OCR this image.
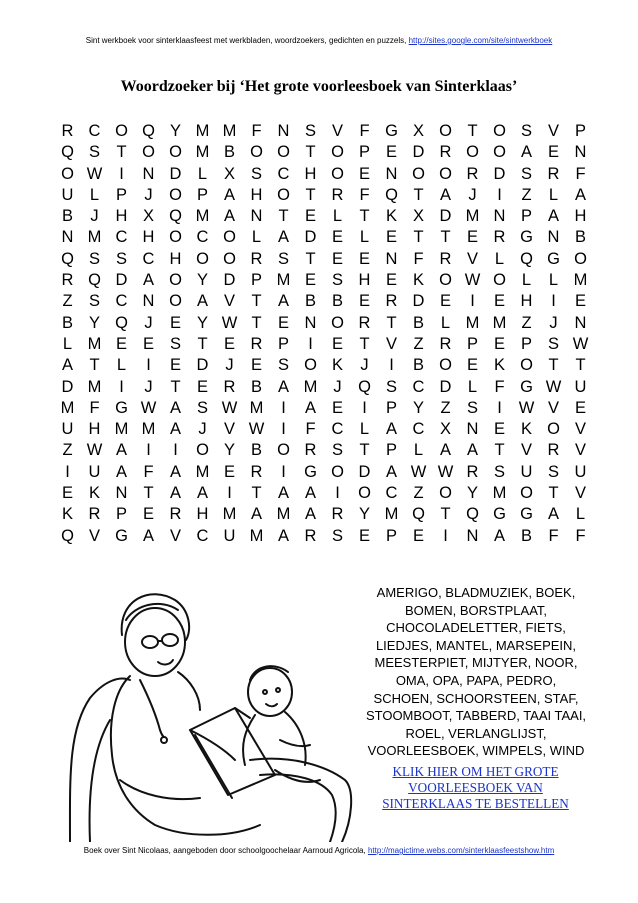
Sint werkboek voor sinterklaasfeest met werkbladen, woordzoekers, gedichten en puzzels, http://sites.google.com/site/sintwerkboek
Woordzoeker bij ‘Het grote voorleesboek van Sinterklaas’
R C O Q Y M M F N S V F G X O T O S V P
Q S T O O M B O O T O P E D R O O A E N
O W	I	N D L	X S C H O E N O O R D S R F
U L	P	J O P A H O T R F Q T A	J	I	Z	L	A
B	J	H X Q M A N T E	L	T K X D M N P A H
N M C H O C O L	A D E	L	E T	T E R G N B
Q S S C H O O R S T E E N F R V	L Q G O
R Q D A O Y D P M E S H E K O W O L	L M
Z S C N O A V T A B B E R D E	I	E H	I	E
B Y Q J	E Y W T E N O R T B	L M M Z	J	N
L M E E S T E R P	I	E T V Z R P E P S W
A T	L	I	E D	J	E S O K	J	I	B O E K O T	T
D M	I	J	T E R B A M J Q S C D L	F G W U
M F G W A S W M	I	A E	I	P Y Z S	I	W V E
U H M M A	J	V W	I	F C L	A C X N E K O V
Z W A	I	I	O Y B O R S T P	L	A A T V R V
I	U A F A M E R	I	G O D A W W R S U S U
E K N T A A	I	T A A	I	O C Z O Y M O T V
K R P E R H M A M A R Y M Q T Q G G A	L
Q V G A V C U M A R S E P E	I	N A B F	F
AMERIGO, BLADMUZIEK, BOEK, BOMEN, BORSTPLAAT, CHOCOLADELETTER, FIETS, LIEDJES, MANTEL, MARSEPEIN, MEESTERPIET, MIJTYER, NOOR, OMA, OPA, PAPA, PEDRO, SCHOEN, SCHOORSTEEN, STAF, STOOMBOOT, TABBERD, TAAI TAAI, ROEL, VERLANGLIJST, VOORLEESBOEK, WIMPELS, WIND
KLIK HIER OM HET GROTE VOORLEESBOEK VAN SINTERKLAAS TE BESTELLEN
Boek over Sint Nicolaas, aangeboden door schoolgoochelaar Aarnoud Agricola, http://magictime.webs.com/sinterklaasfeestshow.htm
